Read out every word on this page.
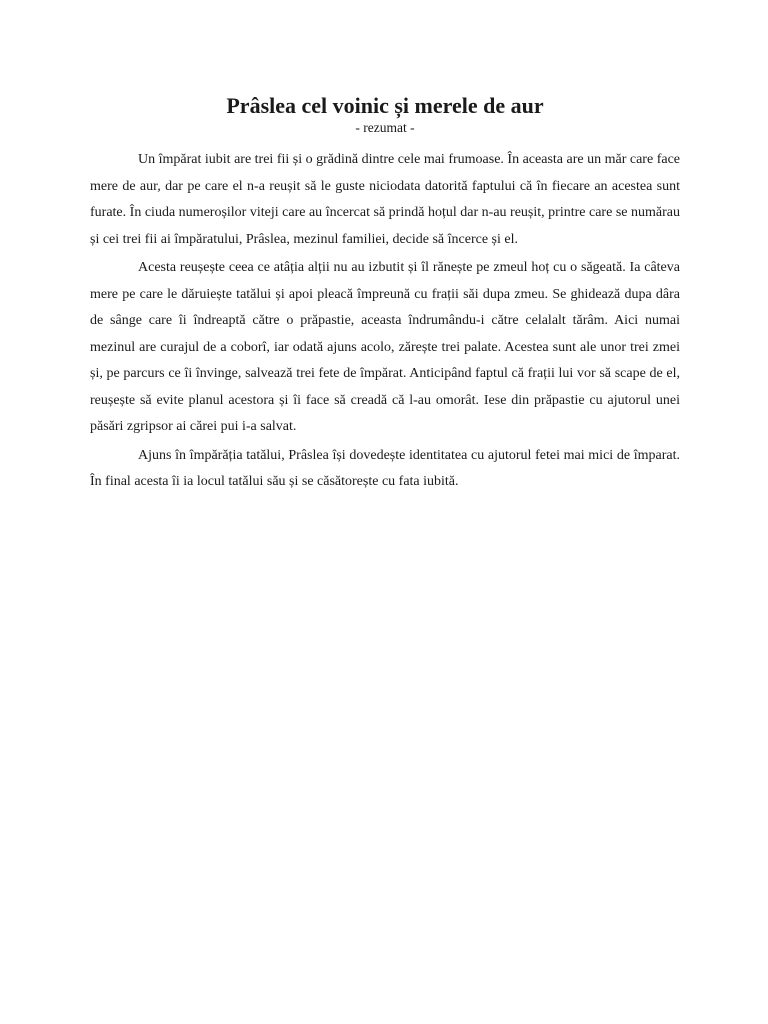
Prâslea cel voinic și merele de aur

- rezumat -

Un împărat iubit are trei fii și o grădină dintre cele mai frumoase. În aceasta are un măr care face mere de aur, dar pe care el n-a reușit să le guste niciodata datorită faptului că în fiecare an acestea sunt furate. În ciuda numeroșilor viteji care au încercat să prindă hoțul dar n-au reușit, printre care se numărau și cei trei fii ai împăratului, Prâslea, mezinul familiei, decide să încerce și el.

Acesta reușește ceea ce atâția alții nu au izbutit și îl rănește pe zmeul hoț cu o săgeată. Ia câteva mere pe care le dăruiește tatălui și apoi pleacă împreună cu frații săi dupa zmeu. Se ghidează dupa dâra de sânge care îi îndreaptă către o prăpastie, aceasta îndrumându-i către celalalt tărâm. Aici numai mezinul are curajul de a coborî, iar odată ajuns acolo, zărește trei palate. Acestea sunt ale unor trei zmei și, pe parcurs ce îi învinge, salvează trei fete de împărat. Anticipând faptul că frații lui vor să scape de el, reușește să evite planul acestora și îi face să creadă că l-au omorât. Iese din prăpastie cu ajutorul unei păsări zgripsor ai cărei pui i-a salvat.

Ajuns în împărăția tatălui, Prâslea își dovedește identitatea cu ajutorul fetei mai mici de împarat. În final acesta îi ia locul tatălui său și se căsătorește cu fata iubită.
